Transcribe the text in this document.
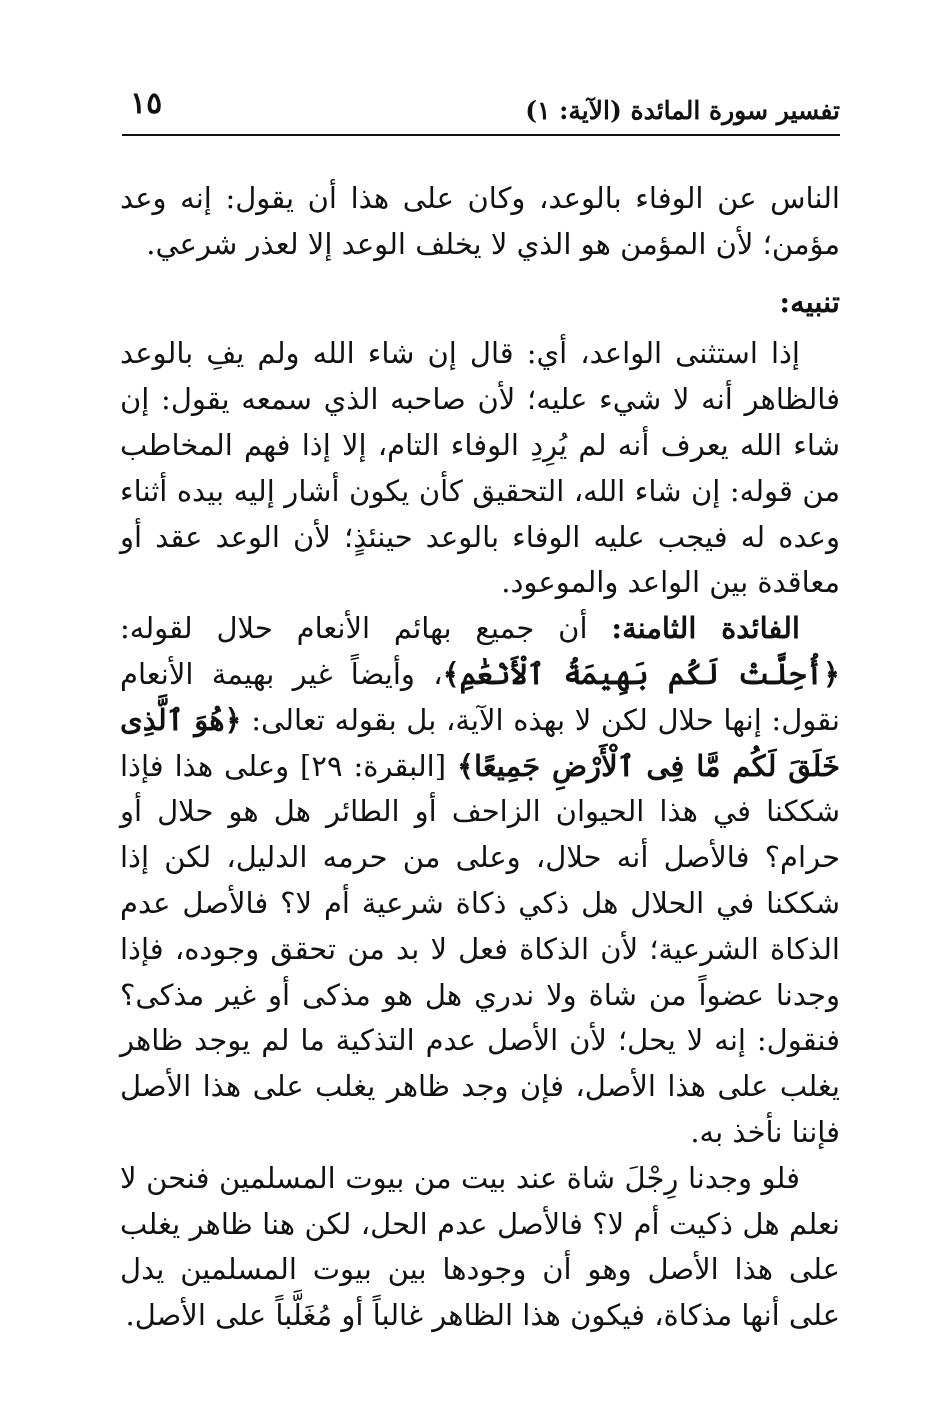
تفسير سورة المائدة (الآية: ١)
١٥

الناس عن الوفاء بالوعد، وكان على هذا أن يقول: إنه وعد مؤمن؛ لأن المؤمن هو الذي لا يخلف الوعد إلا لعذر شرعي.

تنبيه:

إذا استثنى الواعد، أي: قال إن شاء الله ولم يفِ بالوعد فالظاهر أنه لا شيء عليه؛ لأن صاحبه الذي سمعه يقول: إن شاء الله يعرف أنه لم يُرِدِ الوفاء التام، إلا إذا فهم المخاطب من قوله: إن شاء الله، التحقيق كأن يكون أشار إليه بيده أثناء وعده له فيجب عليه الوفاء بالوعد حينئذٍ؛ لأن الوعد عقد أو معاقدة بين الواعد والموعود.

الفائدة الثامنة: أن جميع بهائم الأنعام حلال لقوله: ﴿أُحِلَّتْ لَكُم بَهِيمَةُ ٱلْأَنْعَٰمِ﴾، وأيضاً غير بهيمة الأنعام نقول: إنها حلال لكن لا بهذه الآية، بل بقوله تعالى: ﴿هُوَ ٱلَّذِى خَلَقَ لَكُم مَّا فِى ٱلْأَرْضِ جَمِيعًا﴾ [البقرة: ٢٩] وعلى هذا فإذا شككنا في هذا الحيوان الزاحف أو الطائر هل هو حلال أو حرام؟ فالأصل أنه حلال، وعلى من حرمه الدليل، لكن إذا شككنا في الحلال هل ذكي ذكاة شرعية أم لا؟ فالأصل عدم الذكاة الشرعية؛ لأن الذكاة فعل لا بد من تحقق وجوده، فإذا وجدنا عضواً من شاة ولا ندري هل هو مذكى أو غير مذكى؟ فنقول: إنه لا يحل؛ لأن الأصل عدم التذكية ما لم يوجد ظاهر يغلب على هذا الأصل، فإن وجد ظاهر يغلب على هذا الأصل فإننا نأخذ به.

فلو وجدنا رِجْلَ شاة عند بيت من بيوت المسلمين فنحن لا نعلم هل ذكيت أم لا؟ فالأصل عدم الحل، لكن هنا ظاهر يغلب على هذا الأصل وهو أن وجودها بين بيوت المسلمين يدل على أنها مذكاة، فيكون هذا الظاهر غالباً أو مُغَلَّباً على الأصل.
